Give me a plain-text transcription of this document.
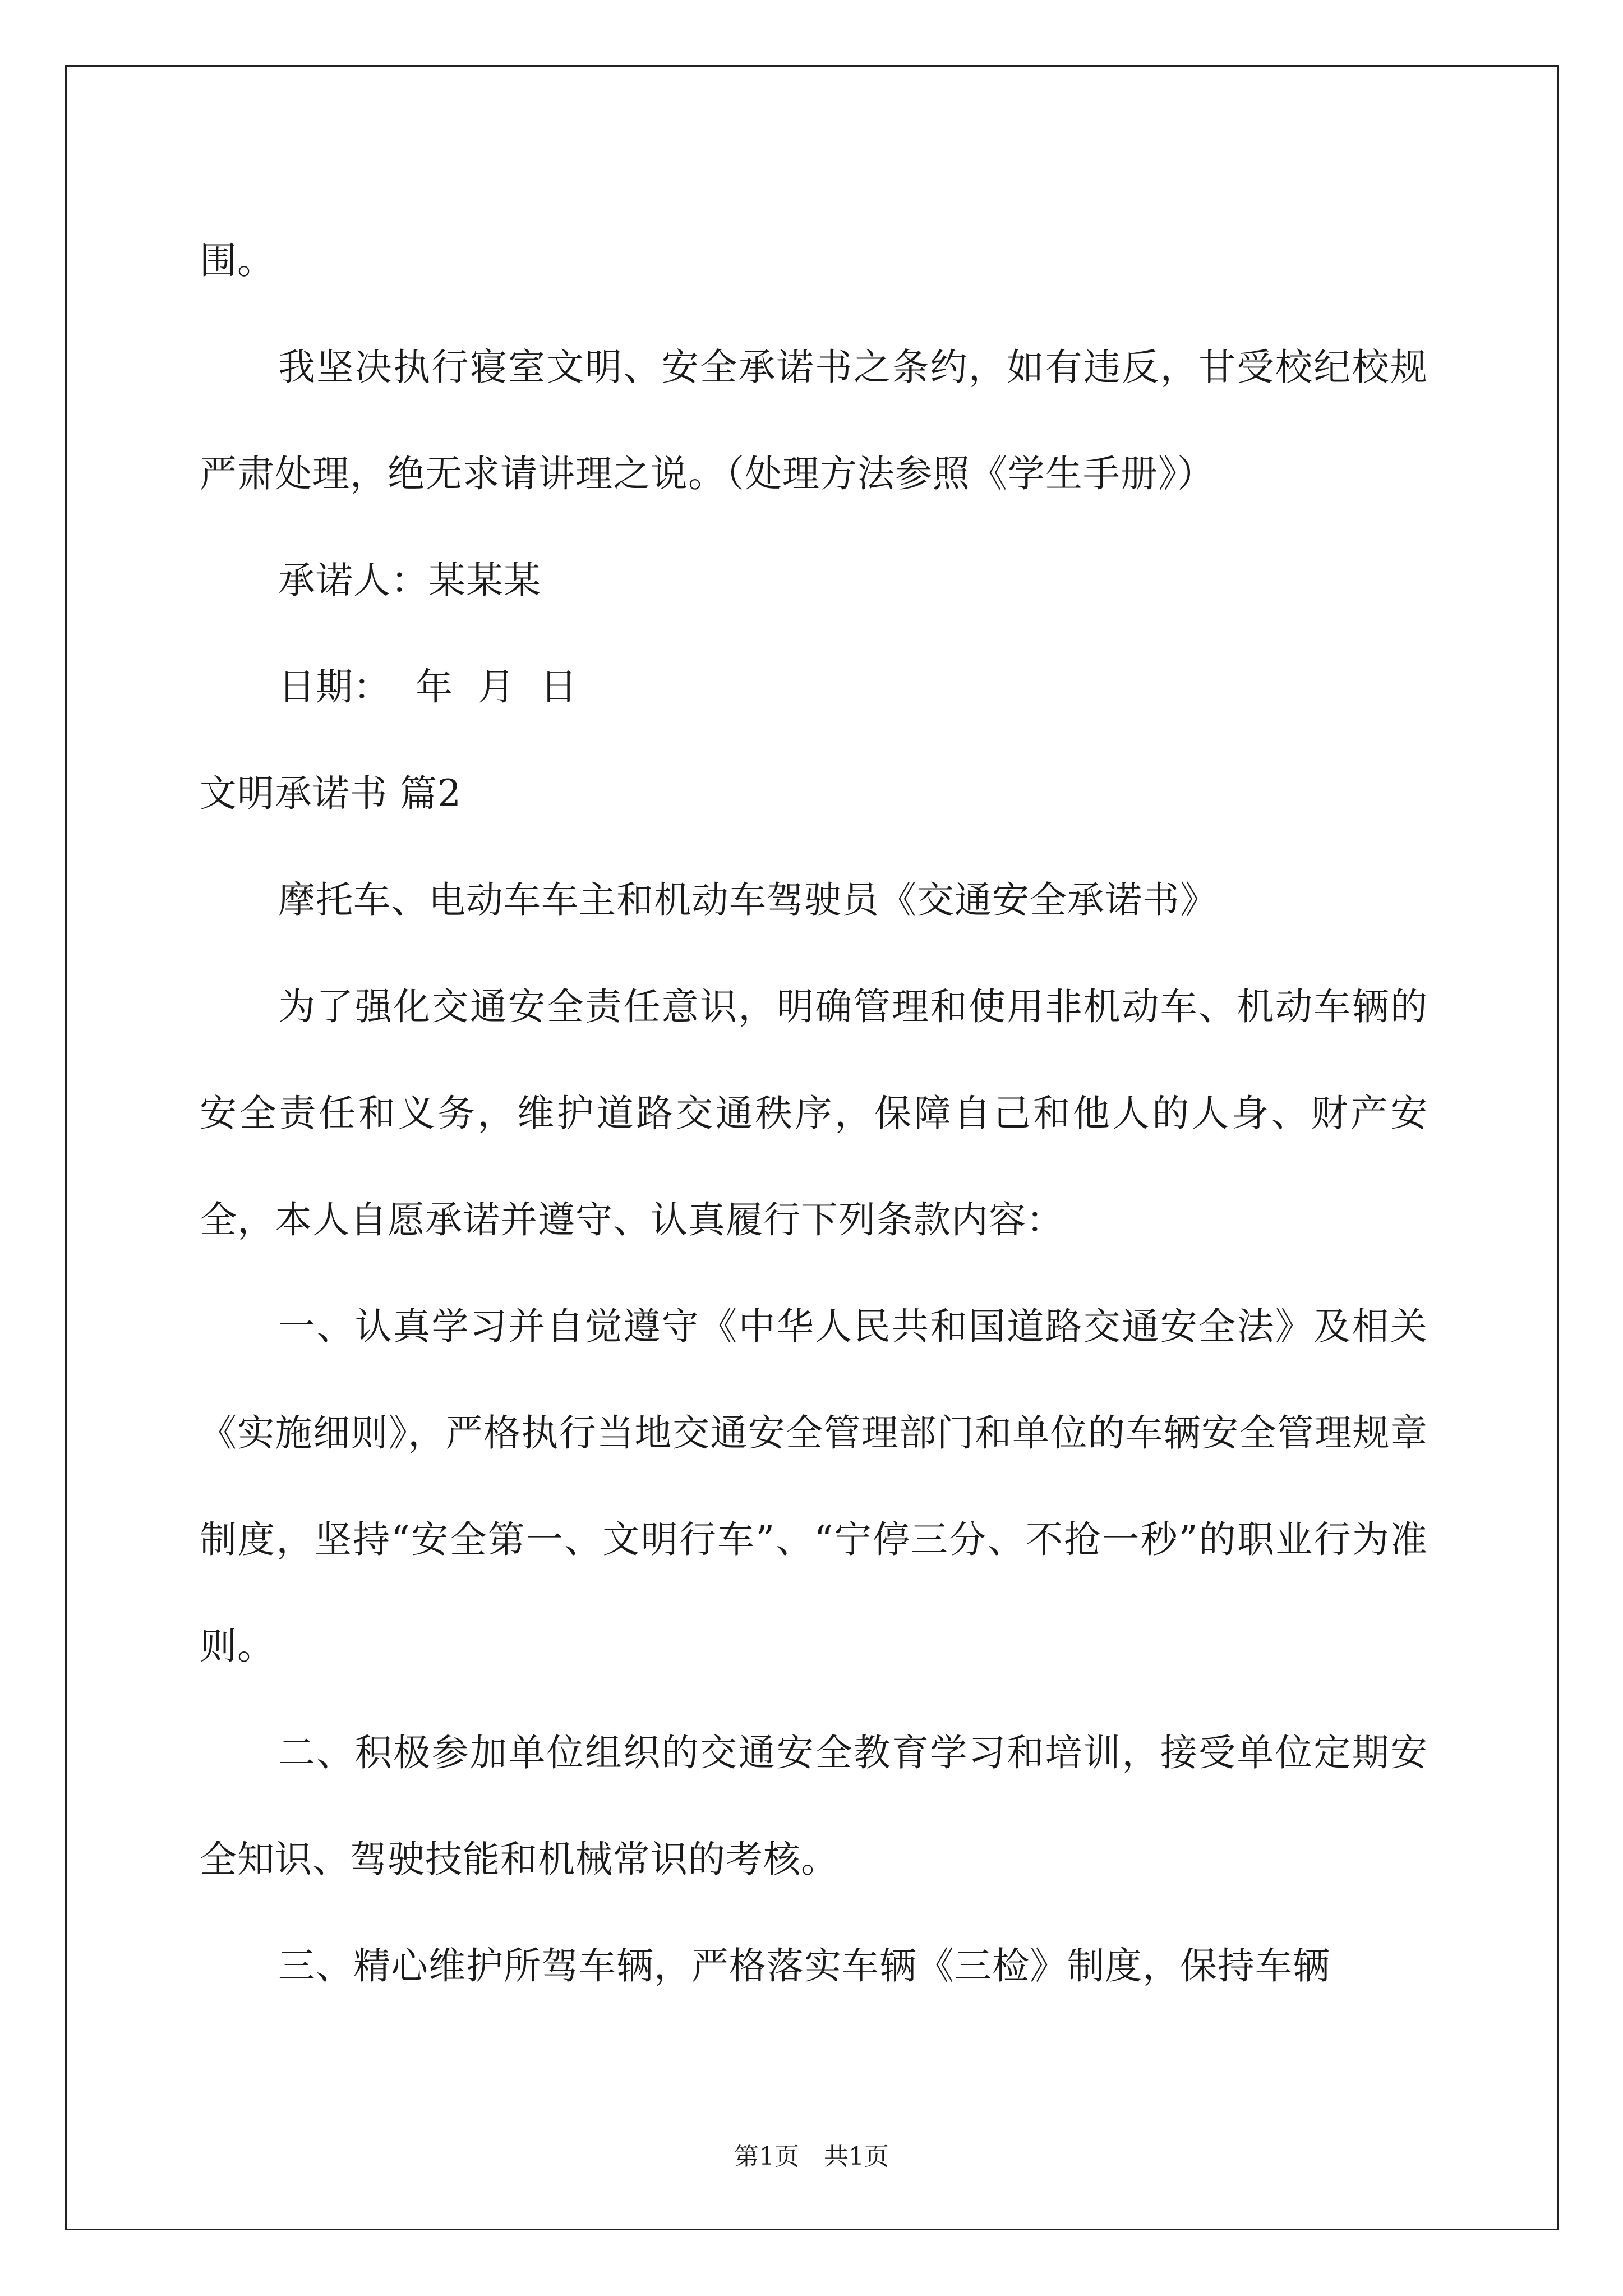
围。

我坚决执行寝室文明、安全承诺书之条约，如有违反，甘受校纪校规严肃处理，绝无求请讲理之说。（处理方法参照《学生手册》）

承诺人：某某某

日期：  年  月  日

文明承诺书 篇2

摩托车、电动车车主和机动车驾驶员《交通安全承诺书》

为了强化交通安全责任意识，明确管理和使用非机动车、机动车辆的安全责任和义务，维护道路交通秩序，保障自己和他人的人身、财产安全，本人自愿承诺并遵守、认真履行下列条款内容：

一、认真学习并自觉遵守《中华人民共和国道路交通安全法》及相关《实施细则》，严格执行当地交通安全管理部门和单位的车辆安全管理规章制度，坚持“安全第一、文明行车”、“宁停三分、不抢一秒”的职业行为准则。

二、积极参加单位组织的交通安全教育学习和培训，接受单位定期安全知识、驾驶技能和机械常识的考核。

三、精心维护所驾车辆，严格落实车辆《三检》制度，保持车辆

第1页 共1页
